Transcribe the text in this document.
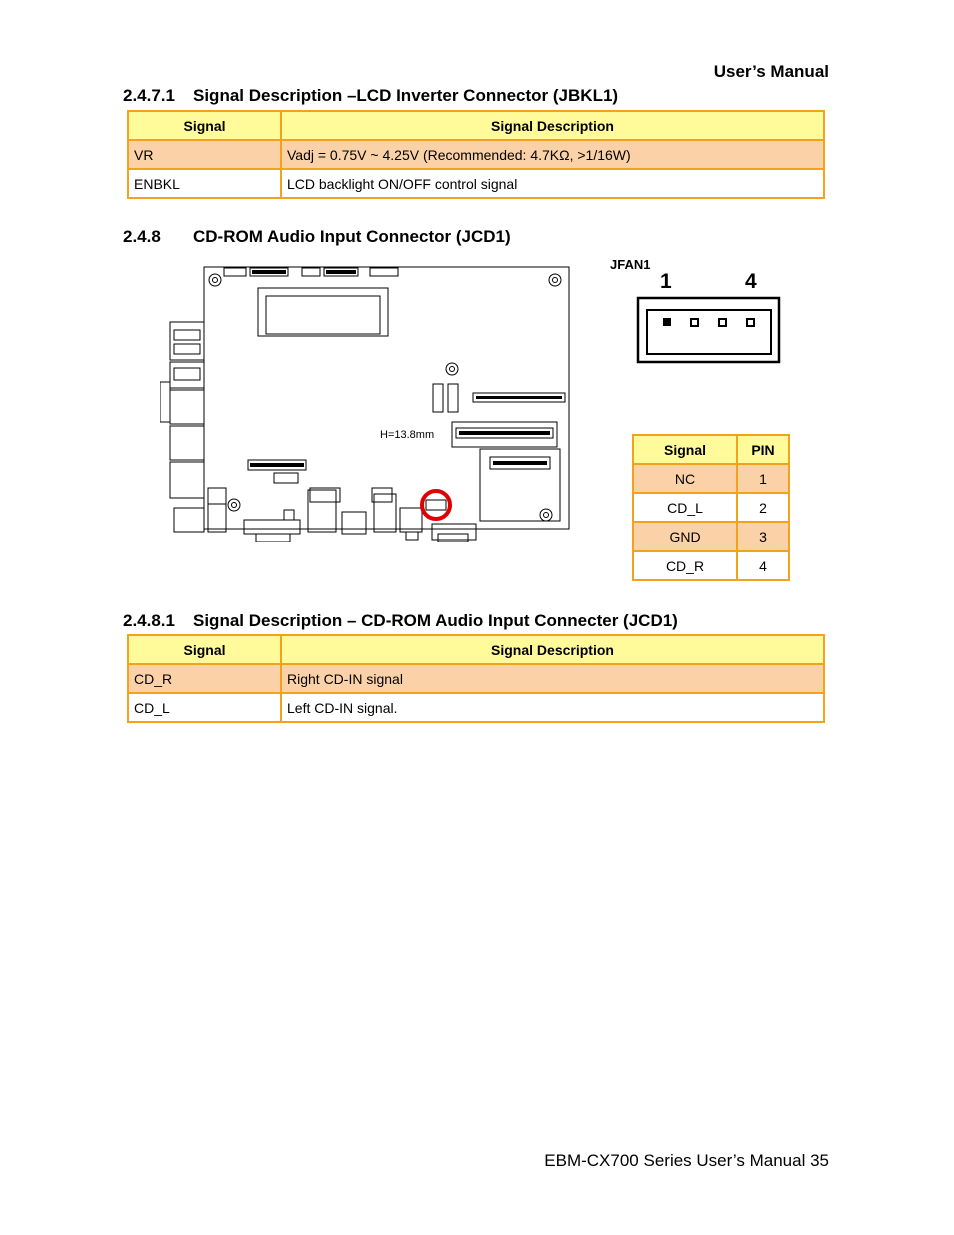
User’s Manual
2.4.7.1 Signal Description –LCD Inverter Connector (JBKL1)
Signal	Signal Description
VR	Vadj = 0.75V ~ 4.25V (Recommended: 4.7KΩ, >1/16W)
ENBKL	LCD backlight ON/OFF control signal
2.4.8 CD-ROM Audio Input Connector (JCD1)
H=13.8mm
JFAN1
1	4
Signal	PIN
NC	1
CD_L	2
GND	3
CD_R	4
2.4.8.1 Signal Description – CD-ROM Audio Input Connecter (JCD1)
Signal	Signal Description
CD_R	Right CD-IN signal
CD_L	Left CD-IN signal.
EBM-CX700 Series User’s Manual 35
